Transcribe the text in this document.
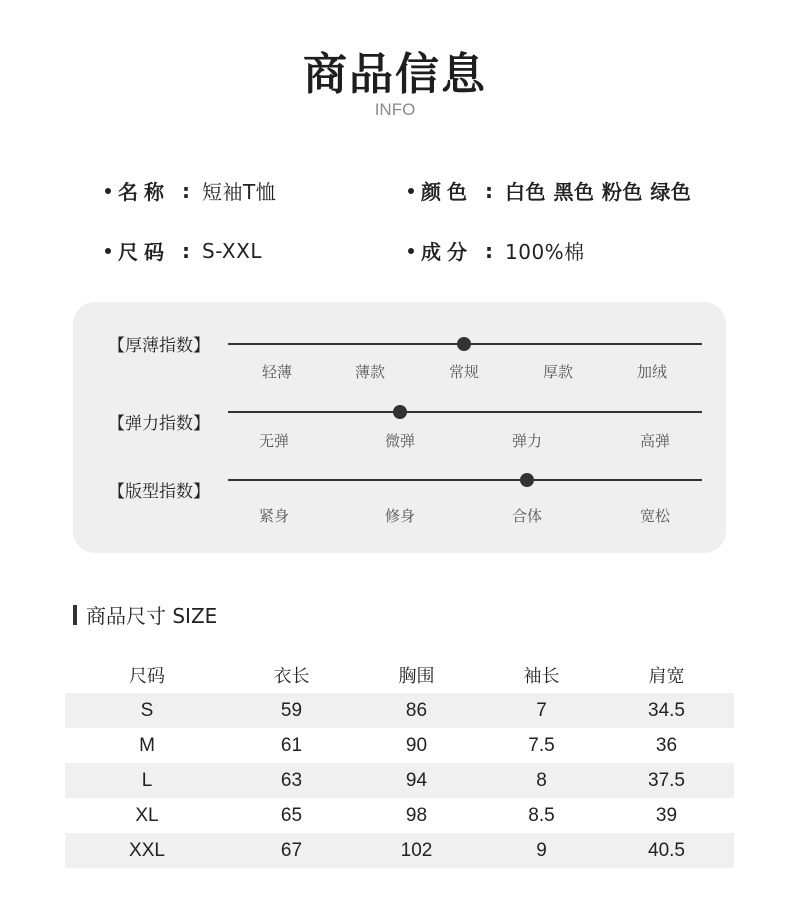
商品信息
INFO
名称 : 短袖T恤	颜色 : 白色 黑色 粉色 绿色
尺码 : S-XXL	成分 : 100%棉
【厚薄指数】
轻薄	薄款	常规	厚款	加绒
【弹力指数】
无弹	微弹	弹力	高弹
【版型指数】
紧身	修身	合体	宽松
商品尺寸 SIZE
尺码	衣长	胸围	袖长	肩宽
S	59	86	7	34.5
M	61	90	7.5	36
L	63	94	8	37.5
XL	65	98	8.5	39
XXL	67	102	9	40.5
